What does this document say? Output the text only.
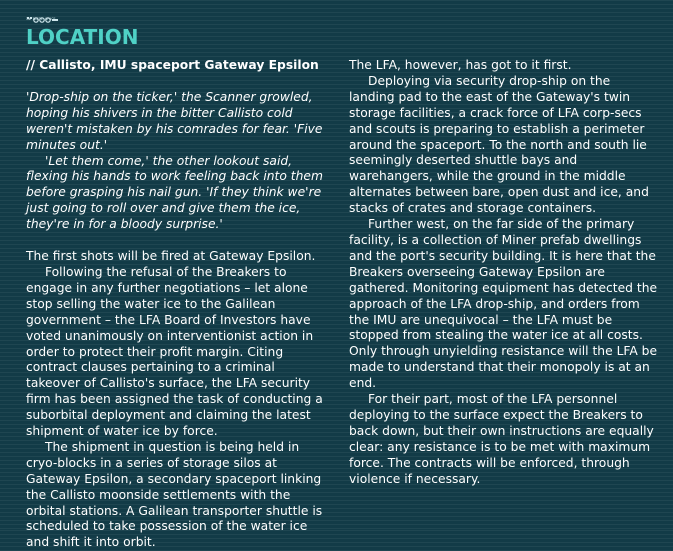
INFINITE SPACE
LOCATION

// Callisto, IMU spaceport Gateway Epsilon

'Drop-ship on the ticker,' the Scanner growled, hoping his shivers in the bitter Callisto cold weren't mistaken by his comrades for fear. 'Five minutes out.'

'Let them come,' the other lookout said, flexing his hands to work feeling back into them before grasping his nail gun. 'If they think we're just going to roll over and give them the ice, they're in for a bloody surprise.'

The first shots will be fired at Gateway Epsilon.

Following the refusal of the Breakers to engage in any further negotiations – let alone stop selling the water ice to the Galilean government – the LFA Board of Investors have voted unanimously on interventionist action in order to protect their profit margin. Citing contract clauses pertaining to a criminal takeover of Callisto's surface, the LFA security firm has been assigned the task of conducting a suborbital deployment and claiming the latest shipment of water ice by force.

The shipment in question is being held in cryo-blocks in a series of storage silos at Gateway Epsilon, a secondary spaceport linking the Callisto moonside settlements with the orbital stations. A Galilean transporter shuttle is scheduled to take possession of the water ice and shift it into orbit.

The LFA, however, has got to it first.

Deploying via security drop-ship on the landing pad to the east of the Gateway's twin storage facilities, a crack force of LFA corp-secs and scouts is preparing to establish a perimeter around the spaceport. To the north and south lie seemingly deserted shuttle bays and warehangers, while the ground in the middle alternates between bare, open dust and ice, and stacks of crates and storage containers.

Further west, on the far side of the primary facility, is a collection of Miner prefab dwellings and the port's security building. It is here that the Breakers overseeing Gateway Epsilon are gathered. Monitoring equipment has detected the approach of the LFA drop-ship, and orders from the IMU are unequivocal – the LFA must be stopped from stealing the water ice at all costs. Only through unyielding resistance will the LFA be made to understand that their monopoly is at an end.

For their part, most of the LFA personnel deploying to the surface expect the Breakers to back down, but their own instructions are equally clear: any resistance is to be met with maximum force. The contracts will be enforced, through violence if necessary.
